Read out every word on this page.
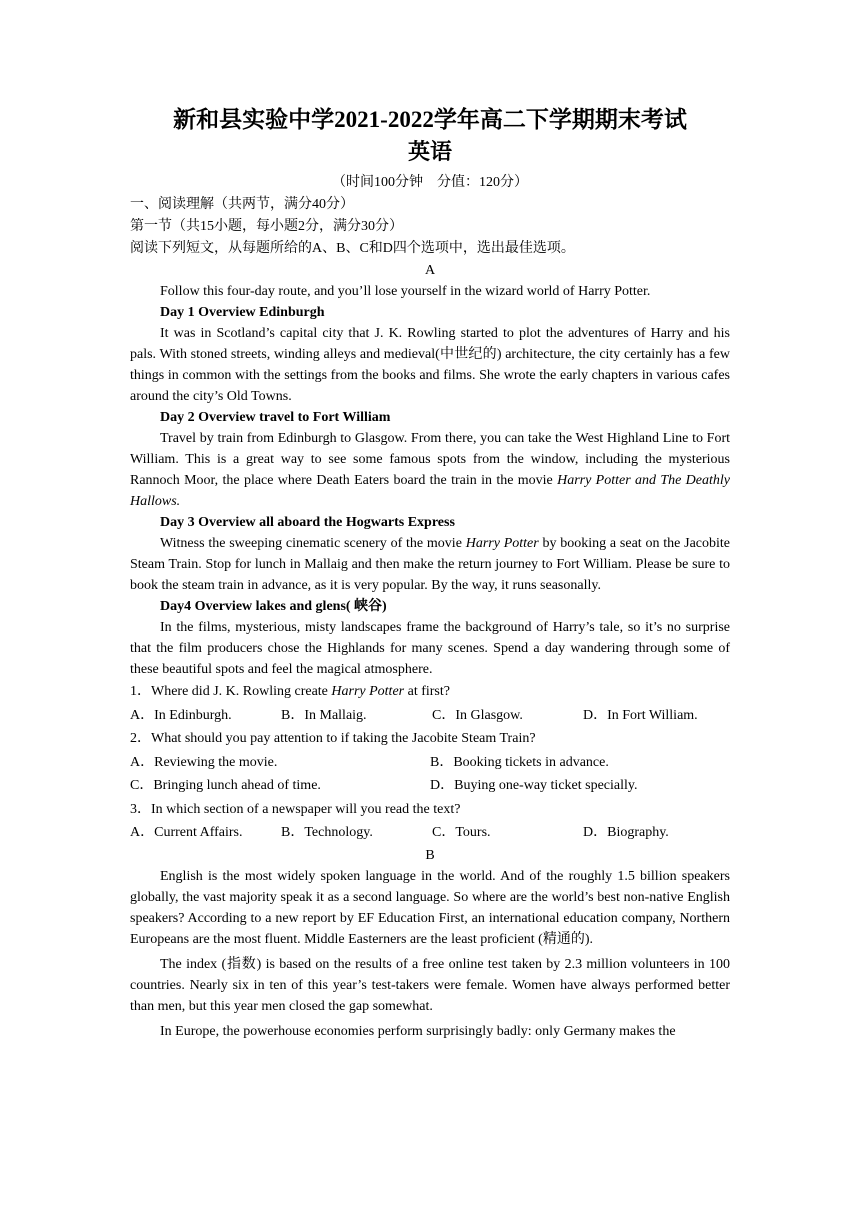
新和县实验中学2021-2022学年高二下学期期末考试
英语
（时间100分钟　分值：120分）
一、阅读理解（共两节，满分40分）
第一节（共15小题，每小题2分，满分30分）
阅读下列短文，从每题所给的A、B、C和D四个选项中，选出最佳选项。
A

Follow this four-day route, and you’ll lose yourself in the wizard world of Harry Potter.

Day 1 Overview Edinburgh

It was in Scotland’s capital city that J. K. Rowling started to plot the adventures of Harry and his pals. With stoned streets, winding alleys and medieval(中世纪的) architecture, the city certainly has a few things in common with the settings from the books and films. She wrote the early chapters in various cafes around the city’s Old Towns.

Day 2 Overview travel to Fort William

Travel by train from Edinburgh to Glasgow. From there, you can take the West Highland Line to Fort William. This is a great way to see some famous spots from the window, including the mysterious Rannoch Moor, the place where Death Eaters board the train in the movie Harry Potter and The Deathly Hallows.

Day 3 Overview all aboard the Hogwarts Express

Witness the sweeping cinematic scenery of the movie Harry Potter by booking a seat on the Jacobite Steam Train. Stop for lunch in Mallaig and then make the return journey to Fort William. Please be sure to book the steam train in advance, as it is very popular. By the way, it runs seasonally.

Day4 Overview lakes and glens( 峡谷)

In the films, mysterious, misty landscapes frame the background of Harry’s tale, so it’s no surprise that the film producers chose the Highlands for many scenes. Spend a day wandering through some of these beautiful spots and feel the magical atmosphere.

1．Where did J. K. Rowling create Harry Potter at first?
A．In Edinburgh.	B．In Mallaig.	C．In Glasgow.	D．In Fort William.
2．What should you pay attention to if taking the Jacobite Steam Train?
A．Reviewing the movie.	B．Booking tickets in advance.
C．Bringing lunch ahead of time.	D．Buying one-way ticket specially.
3．In which section of a newspaper will you read the text?
A．Current Affairs.	B．Technology.	C．Tours.	D．Biography.
B

English is the most widely spoken language in the world. And of the roughly 1.5 billion speakers globally, the vast majority speak it as a second language. So where are the world’s best non-native English speakers? According to a new report by EF Education First, an international education company, Northern Europeans are the most fluent. Middle Easterners are the least proficient (精通的).

The index (指数) is based on the results of a free online test taken by 2.3 million volunteers in 100 countries. Nearly six in ten of this year’s test-takers were female. Women have always performed better than men, but this year men closed the gap somewhat.

In Europe, the powerhouse economies perform surprisingly badly: only Germany makes the
